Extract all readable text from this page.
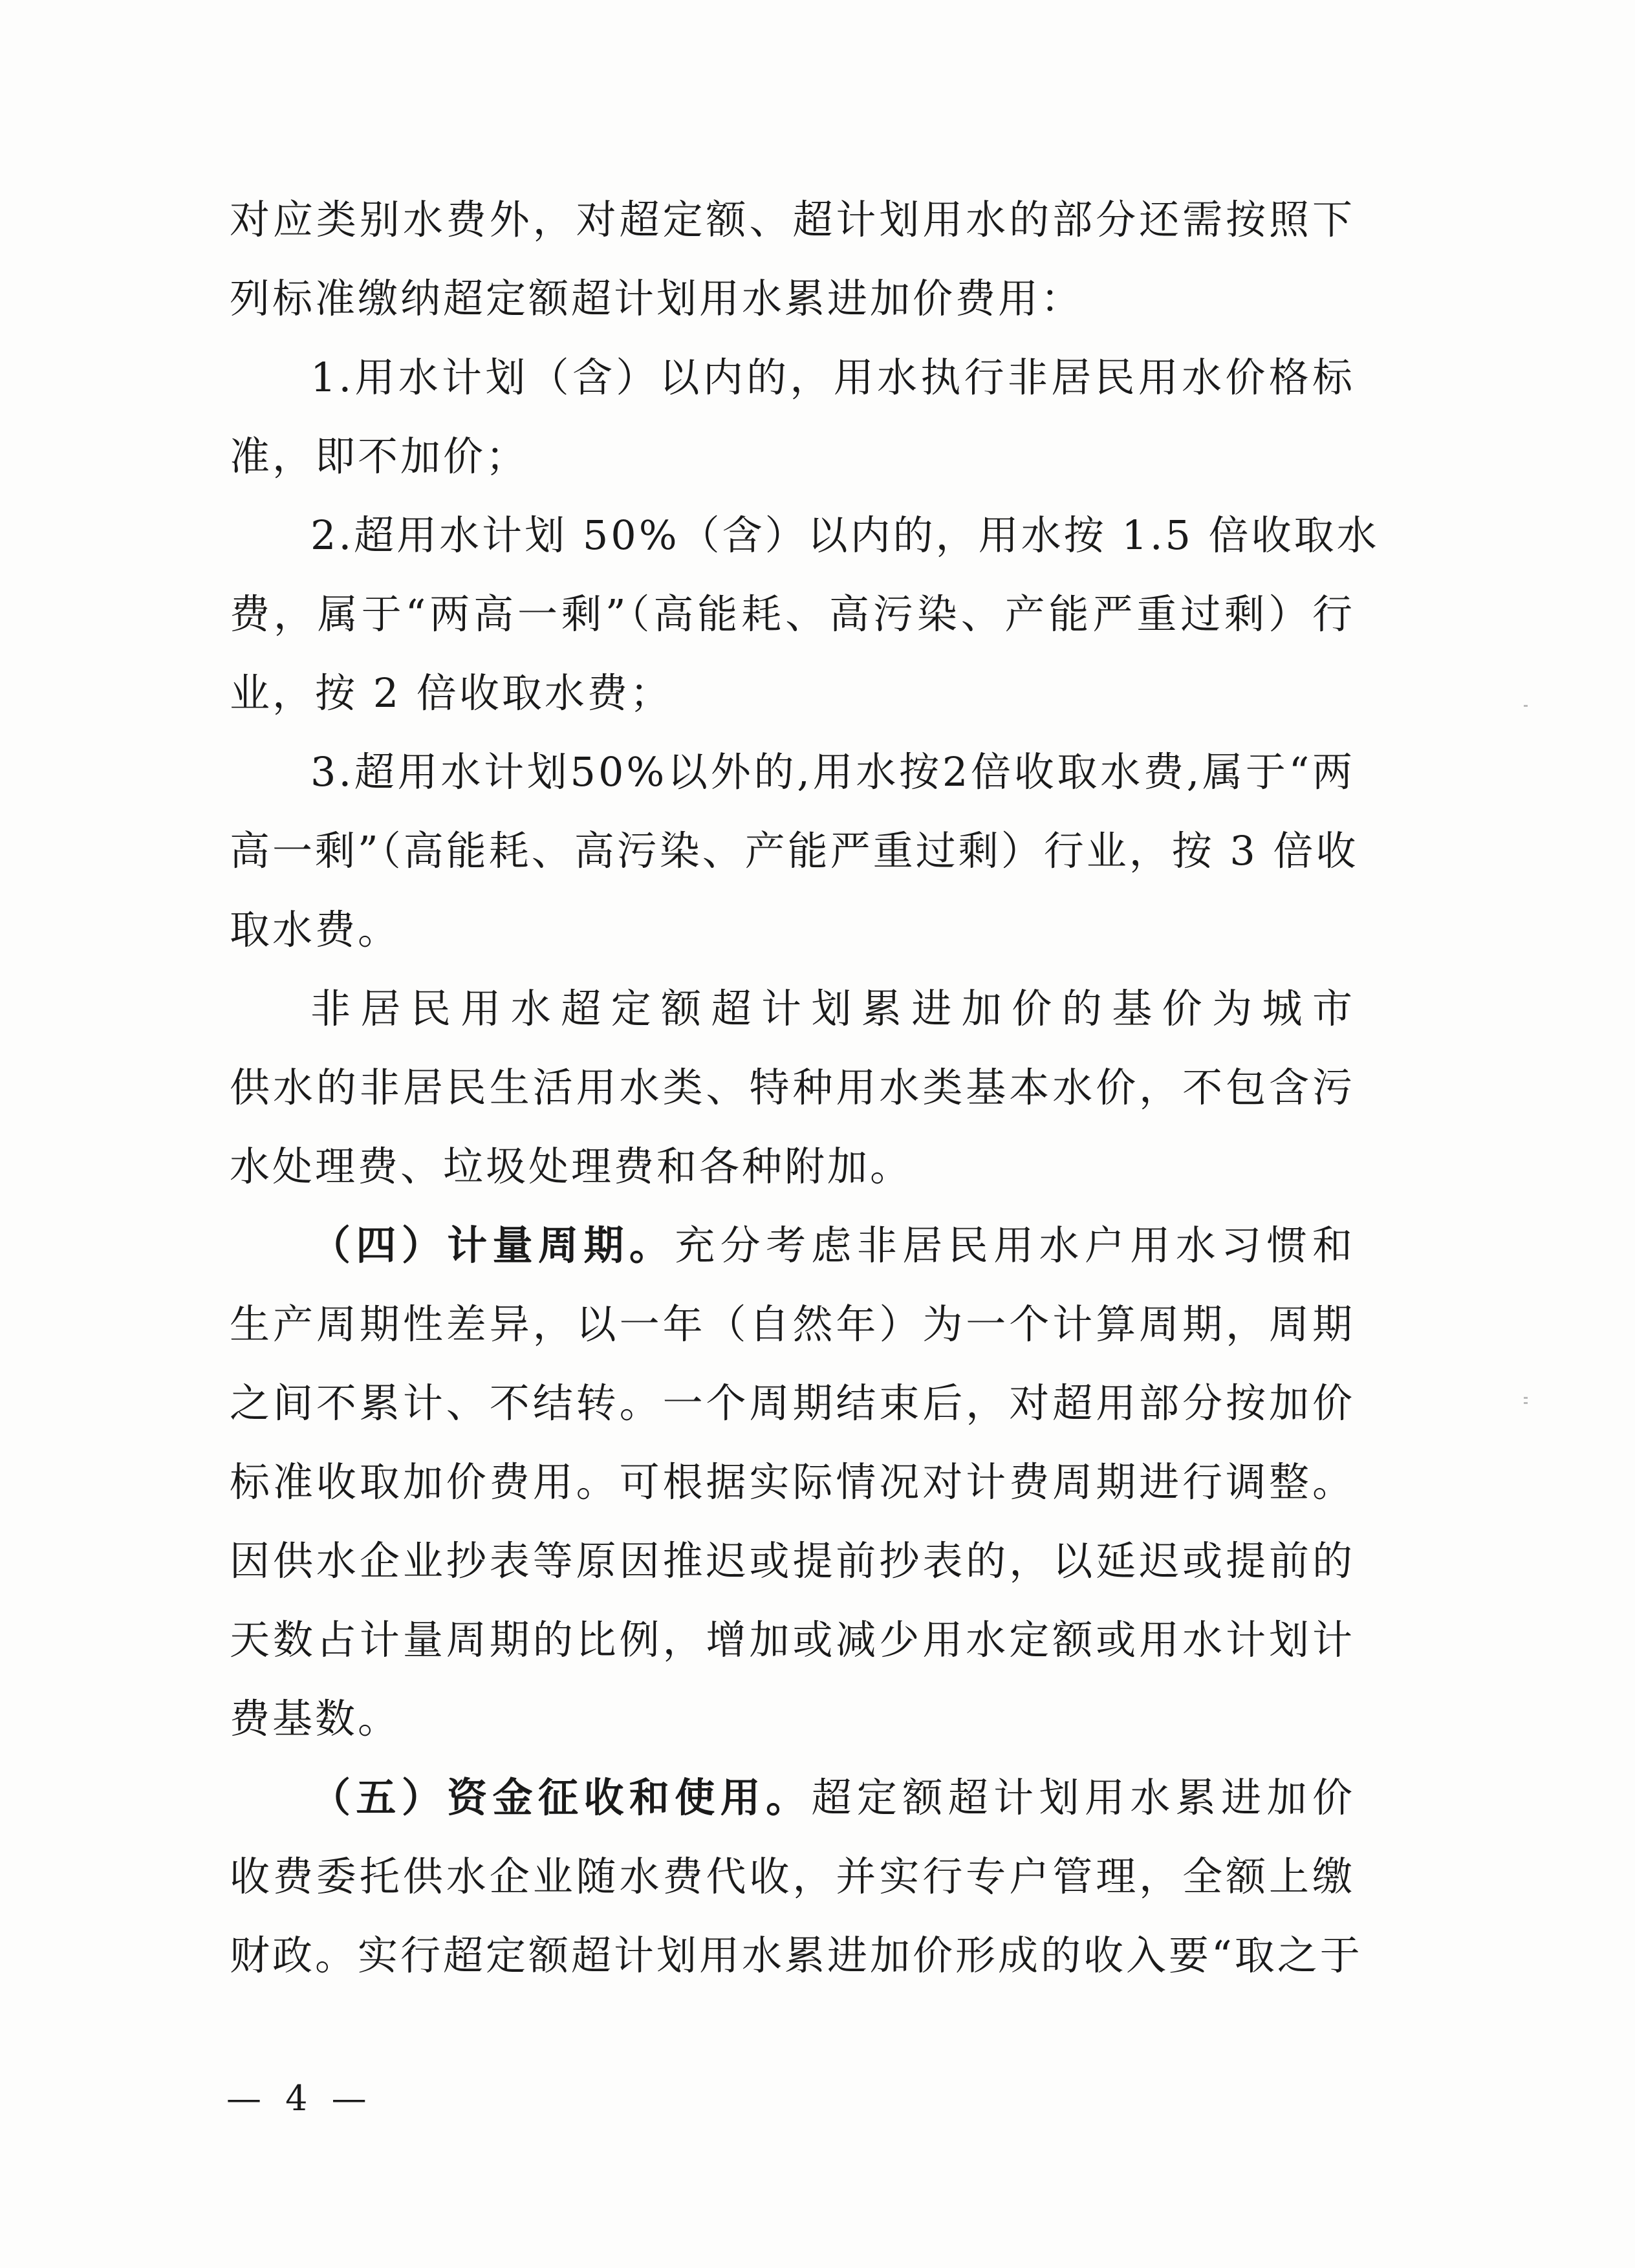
对应类别水费外，对超定额、超计划用水的部分还需按照下
列标准缴纳超定额超计划用水累进加价费用：
1.用水计划（含）以内的，用水执行非居民用水价格标
准，即不加价；
2.超用水计划 50%（含）以内的，用水按 1.5 倍收取水
费，属于“两高一剩”（高能耗、高污染、产能严重过剩）行
业，按 2 倍收取水费；
3.超用水计划50%以外的,用水按2倍收取水费,属于“两
高一剩”（高能耗、高污染、产能严重过剩）行业，按 3 倍收
取水费。
非居民用水超定额超计划累进加价的基价为城市
供水的非居民生活用水类、特种用水类基本水价，不包含污
水处理费、垃圾处理费和各种附加。
（四）计量周期。充分考虑非居民用水户用水习惯和
生产周期性差异，以一年（自然年）为一个计算周期，周期
之间不累计、不结转。一个周期结束后，对超用部分按加价
标准收取加价费用。可根据实际情况对计费周期进行调整。
因供水企业抄表等原因推迟或提前抄表的，以延迟或提前的
天数占计量周期的比例，增加或减少用水定额或用水计划计
费基数。
（五）资金征收和使用。超定额超计划用水累进加价
收费委托供水企业随水费代收，并实行专户管理，全额上缴
财政。实行超定额超计划用水累进加价形成的收入要“取之于
— 4 —
